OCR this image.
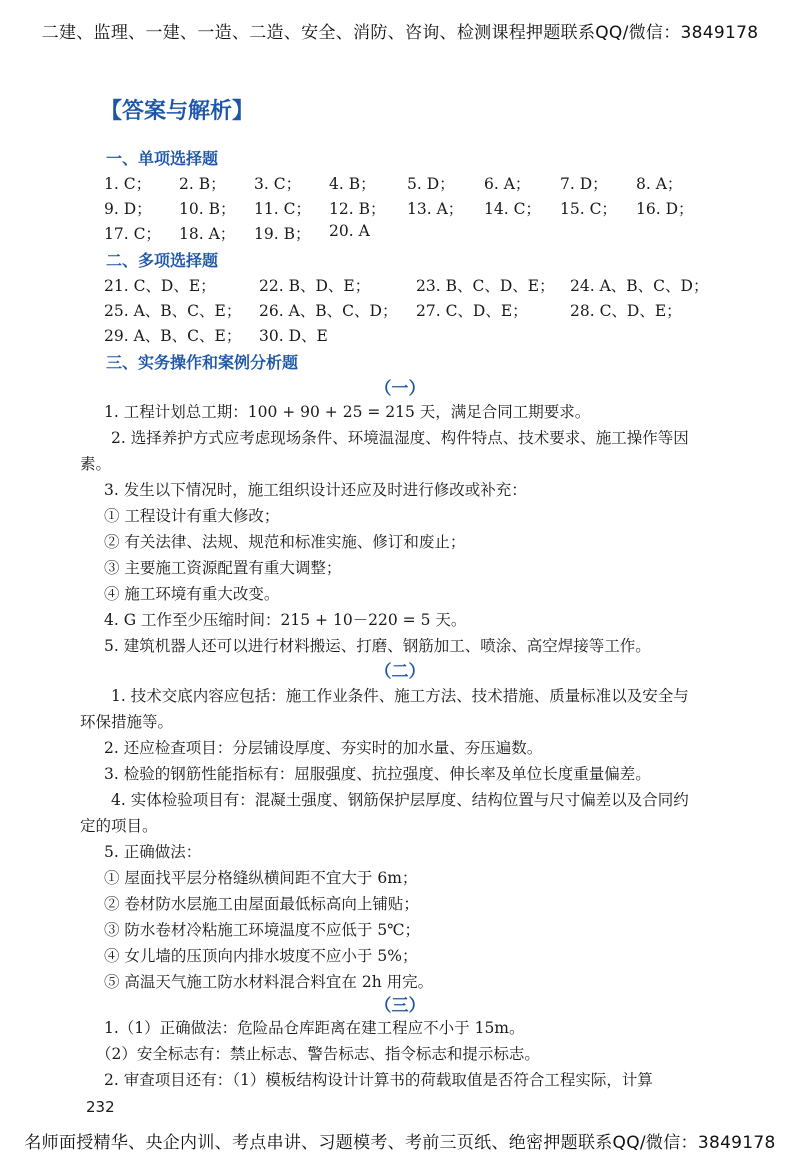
二建、监理、一建、一造、二造、安全、消防、咨询、检测课程押题联系QQ/微信：3849178
【答案与解析】
一、单项选择题
1. C； 2. B； 3. C； 4. B； 5. D； 6. A； 7. D； 8. A；
9. D； 10. B； 11. C； 12. B； 13. A； 14. C； 15. C； 16. D；
17. C； 18. A； 19. B； 20. A
二、多项选择题
21. C、D、E；	22. B、D、E；	23. B、C、D、E； 24. A、B、C、D；
25. A、B、C、E； 26. A、B、C、D； 27. C、D、E；	28. C、D、E；
29. A、B、C、E； 30. D、E
三、实务操作和案例分析题
（一）
1. 工程计划总工期：100 + 90 + 25 = 215 天，满足合同工期要求。
2. 选择养护方式应考虑现场条件、环境温湿度、构件特点、技术要求、施工操作等因素。
3. 发生以下情况时，施工组织设计还应及时进行修改或补充：
① 工程设计有重大修改；
② 有关法律、法规、规范和标准实施、修订和废止；
③ 主要施工资源配置有重大调整；
④ 施工环境有重大改变。
4. G 工作至少压缩时间：215 + 10－220 = 5 天。
5. 建筑机器人还可以进行材料搬运、打磨、钢筋加工、喷涂、高空焊接等工作。
（二）
1. 技术交底内容应包括：施工作业条件、施工方法、技术措施、质量标准以及安全与环保措施等。
2. 还应检查项目：分层铺设厚度、夯实时的加水量、夯压遍数。
3. 检验的钢筋性能指标有：屈服强度、抗拉强度、伸长率及单位长度重量偏差。
4. 实体检验项目有：混凝土强度、钢筋保护层厚度、结构位置与尺寸偏差以及合同约定的项目。
5. 正确做法：
① 屋面找平层分格缝纵横间距不宜大于 6m；
② 卷材防水层施工由屋面最低标高向上铺贴；
③ 防水卷材冷粘施工环境温度不应低于 5℃；
④ 女儿墙的压顶向内排水坡度不应小于 5%；
⑤ 高温天气施工防水材料混合料宜在 2h 用完。
（三）
1.（1）正确做法：危险品仓库距离在建工程应不小于 15m。
（2）安全标志有：禁止标志、警告标志、指令标志和提示标志。
2. 审查项目还有：（1）模板结构设计计算书的荷载取值是否符合工程实际，计算
232
名师面授精华、央企内训、考点串讲、习题模考、考前三页纸、绝密押题联系QQ/微信：3849178
